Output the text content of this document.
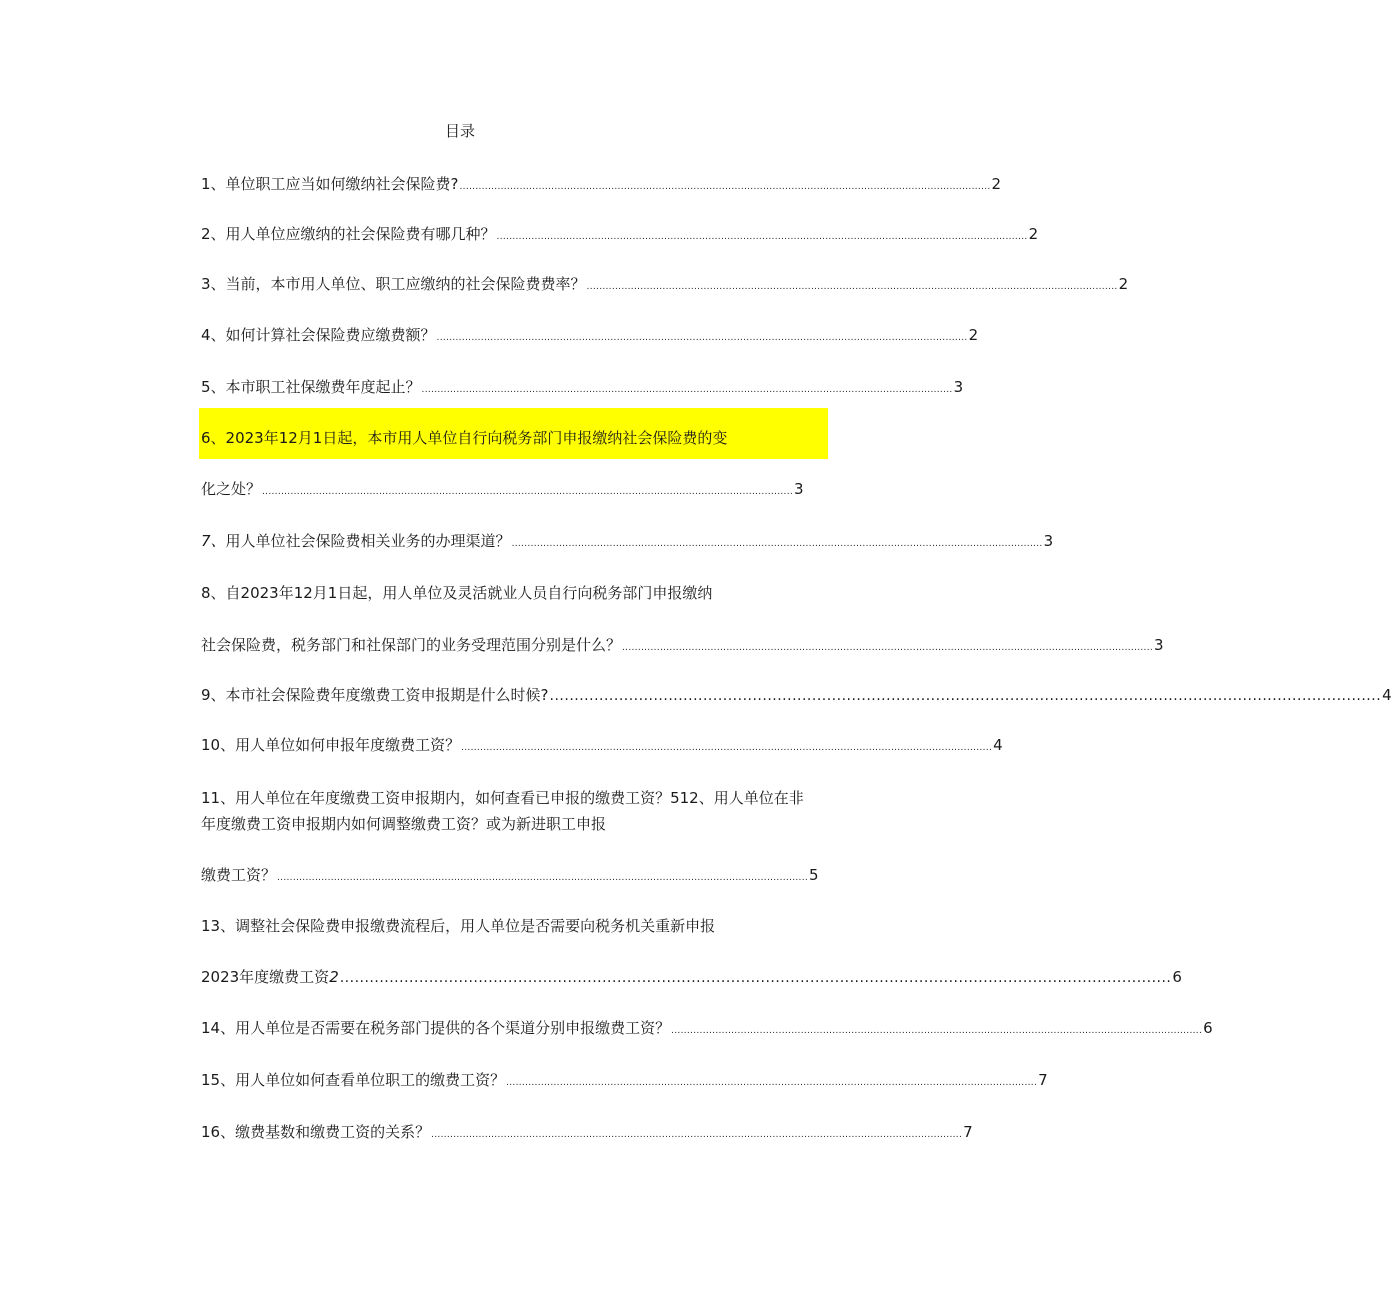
目录
1、单位职工应当如何缴纳社会保险费? ........................................................................................................................................................................ 2
2、用人单位应缴纳的社会保险费有哪几种？ ........................................................................................................................................................................ 2
3、当前，本市用人单位、职工应缴纳的社会保险费费率？ ........................................................................................................................................................................ 2
4、如何计算社会保险费应缴费额？ ........................................................................................................................................................................ 2
5、本市职工社保缴费年度起止？ ........................................................................................................................................................................ 3
6、2023年12月1日起，本市用人单位自行向税务部门申报缴纳社会保险费的变
化之处？ ........................................................................................................................................................................ 3
7、用人单位社会保险费相关业务的办理渠道？ ........................................................................................................................................................................ 3
8、自2023年12月1日起，用人单位及灵活就业人员自行向税务部门申报缴纳
社会保险费，税务部门和社保部门的业务受理范围分别是什么？ ........................................................................................................................................................................ 3
9、本市社会保险费年度缴费工资申报期是什么时候? ........................................................................................................................................................................ 4
10、用人单位如何申报年度缴费工资？ ........................................................................................................................................................................ 4
11、用人单位在年度缴费工资申报期内，如何查看已申报的缴费工资？512、用人单位在非
年度缴费工资申报期内如何调整缴费工资？或为新进职工申报
缴费工资？ ........................................................................................................................................................................ 5
13、调整社会保险费申报缴费流程后，用人单位是否需要向税务机关重新申报
2023年度缴费工资2 ........................................................................................................................................................................ 6
14、用人单位是否需要在税务部门提供的各个渠道分别申报缴费工资？ ........................................................................................................................................................................ 6
15、用人单位如何查看单位职工的缴费工资？ ........................................................................................................................................................................ 7
16、缴费基数和缴费工资的关系？ ........................................................................................................................................................................ 7
